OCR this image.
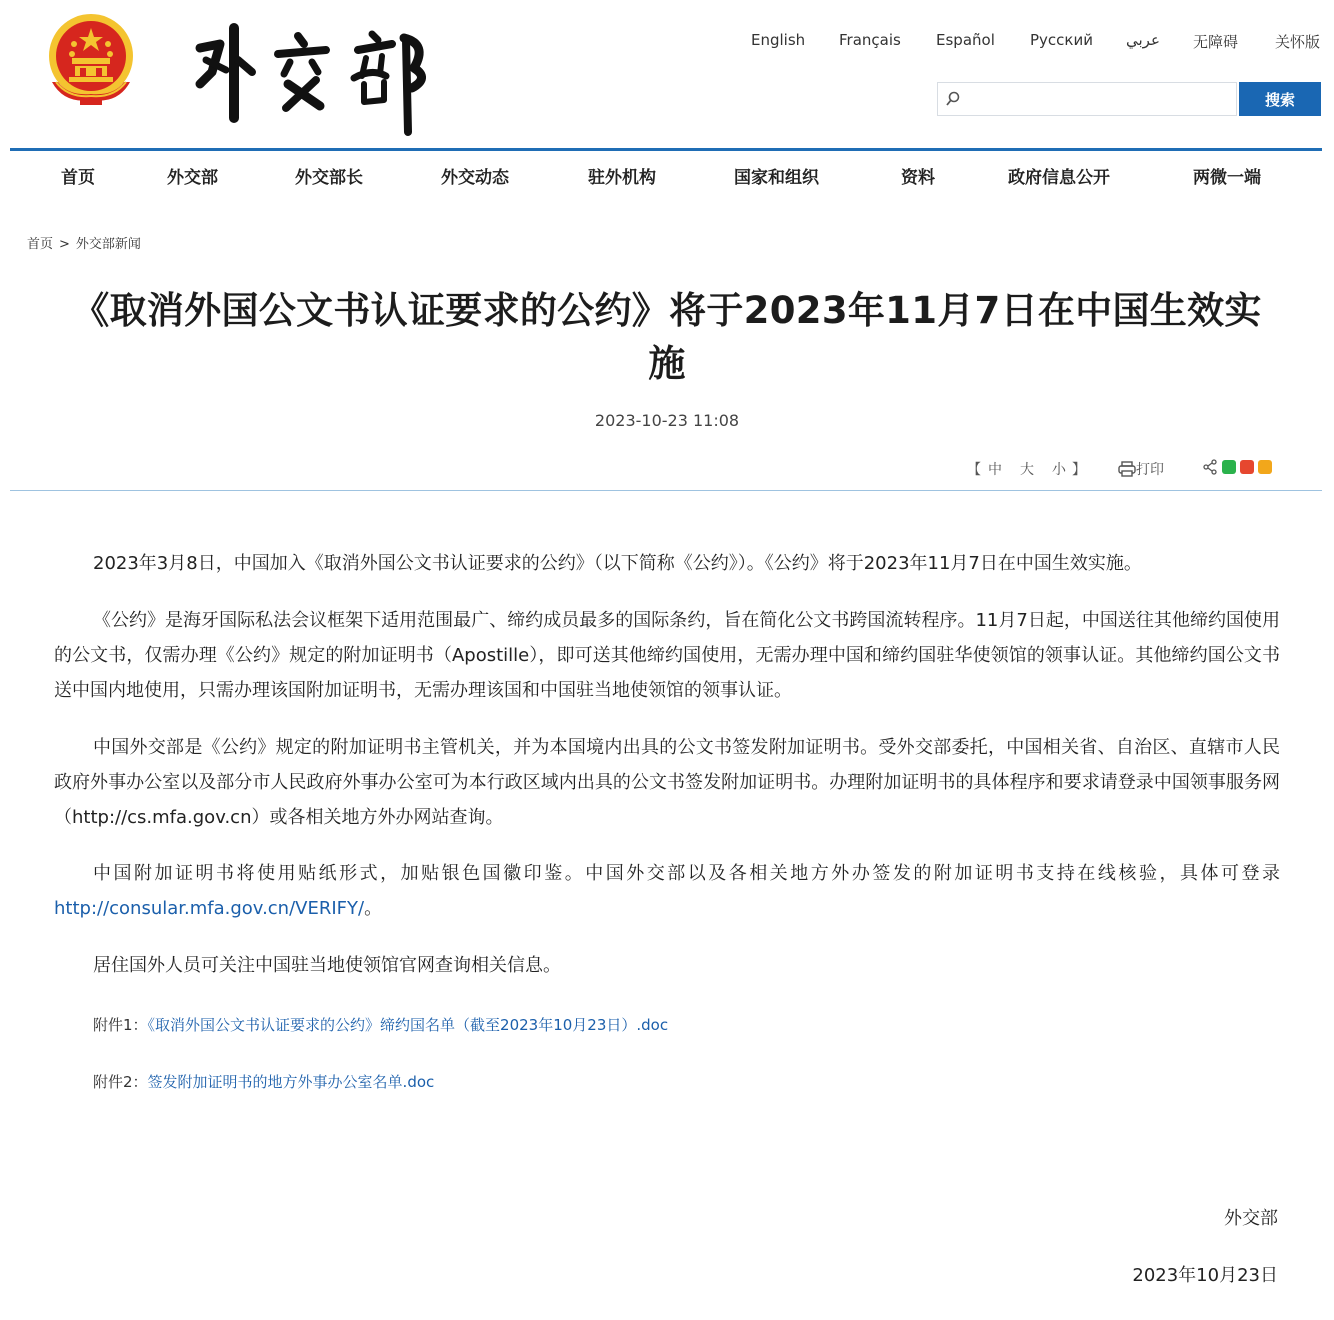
English Français Español Русский عربي 无障碍 关怀版
搜索
首页	外交部	外交部长	外交动态	驻外机构	国家和组织	资料	政府信息公开	两微一端
首页 > 外交部新闻
《取消外国公文书认证要求的公约》将于2023年11月7日在中国生效实施
2023-10-23 11:08
【 中 大 小 】	打印
2023年3月8日，中国加入《取消外国公文书认证要求的公约》（以下简称《公约》）。《公约》将于2023年11月7日在中国生效实施。
《公约》是海牙国际私法会议框架下适用范围最广、缔约成员最多的国际条约，旨在简化公文书跨国流转程序。11月7日起，中国送往其他缔约国使用的公文书，仅需办理《公约》规定的附加证明书（Apostille），即可送其他缔约国使用，无需办理中国和缔约国驻华使领馆的领事认证。其他缔约国公文书送中国内地使用，只需办理该国附加证明书，无需办理该国和中国驻当地使领馆的领事认证。
中国外交部是《公约》规定的附加证明书主管机关，并为本国境内出具的公文书签发附加证明书。受外交部委托，中国相关省、自治区、直辖市人民政府外事办公室以及部分市人民政府外事办公室可为本行政区域内出具的公文书签发附加证明书。办理附加证明书的具体程序和要求请登录中国领事服务网（http://cs.mfa.gov.cn）或各相关地方外办网站查询。
中国附加证明书将使用贴纸形式，加贴银色国徽印鉴。中国外交部以及各相关地方外办签发的附加证明书支持在线核验，具体可登录http://consular.mfa.gov.cn/VERIFY/。
居住国外人员可关注中国驻当地使领馆官网查询相关信息。
附件1：《取消外国公文书认证要求的公约》缔约国名单（截至2023年10月23日）.doc
附件2：签发附加证明书的地方外事办公室名单.doc
外交部
2023年10月23日
